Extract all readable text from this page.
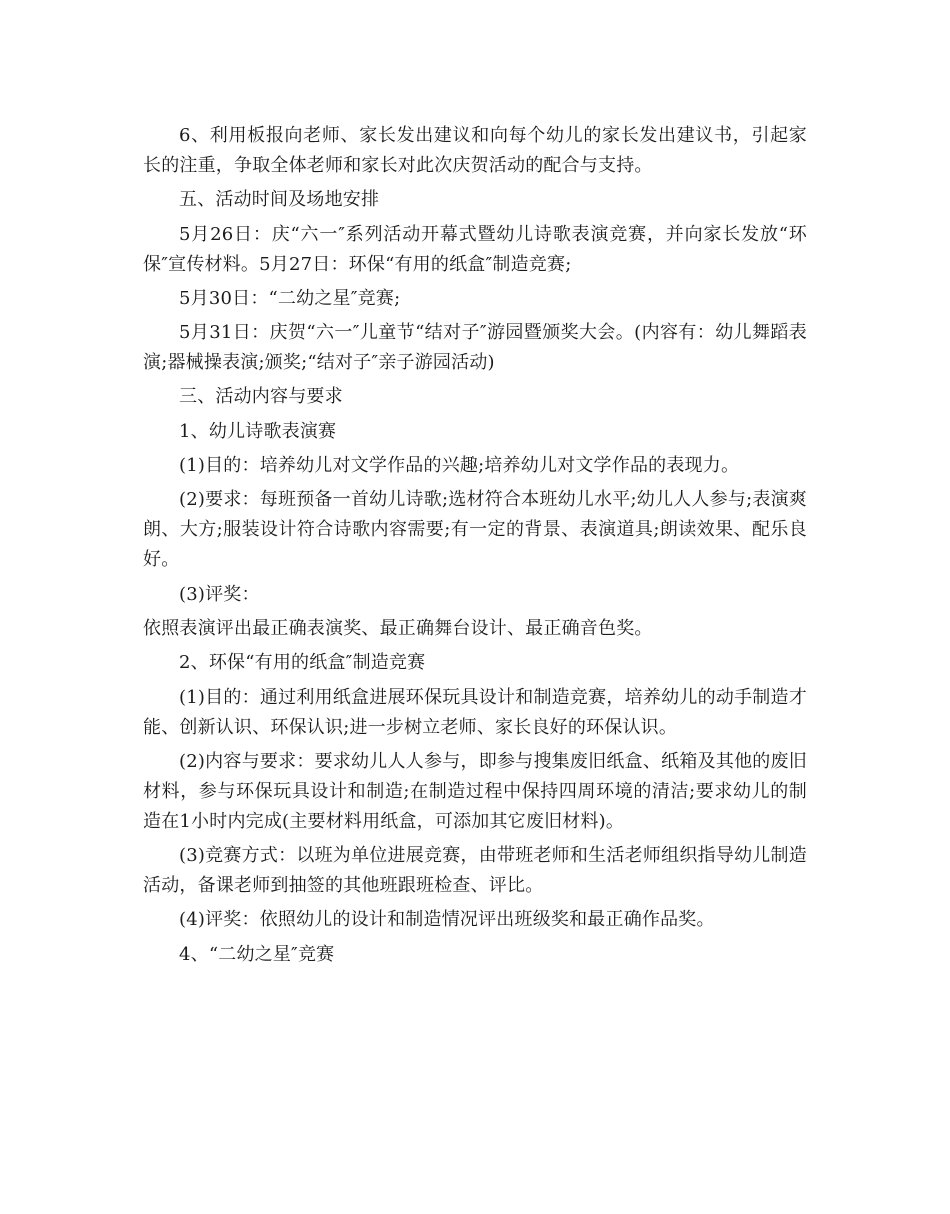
6、利用板报向老师、家长发出建议和向每个幼儿的家长发出建议书，引起家长的注重，争取全体老师和家长对此次庆贺活动的配合与支持。

五、活动时间及场地安排

5月26日：庆“六一″系列活动开幕式暨幼儿诗歌表演竞赛，并向家长发放“环保″宣传材料。5月27日：环保“有用的纸盒″制造竞赛;

5月30日：“二幼之星″竞赛;

5月31日：庆贺“六一″儿童节“结对子″游园暨颁奖大会。(内容有：幼儿舞蹈表演;器械操表演;颁奖;“结对子″亲子游园活动)

三、活动内容与要求

1、幼儿诗歌表演赛

(1)目的：培养幼儿对文学作品的兴趣;培养幼儿对文学作品的表现力。

(2)要求：每班预备一首幼儿诗歌;选材符合本班幼儿水平;幼儿人人参与;表演爽朗、大方;服装设计符合诗歌内容需要;有一定的背景、表演道具;朗读效果、配乐良好。

(3)评奖：

依照表演评出最正确表演奖、最正确舞台设计、最正确音色奖。

2、环保“有用的纸盒″制造竞赛

(1)目的：通过利用纸盒进展环保玩具设计和制造竞赛，培养幼儿的动手制造才能、创新认识、环保认识;进一步树立老师、家长良好的环保认识。

(2)内容与要求：要求幼儿人人参与，即参与搜集废旧纸盒、纸箱及其他的废旧材料，参与环保玩具设计和制造;在制造过程中保持四周环境的清洁;要求幼儿的制造在1小时内完成(主要材料用纸盒，可添加其它废旧材料)。

(3)竞赛方式：以班为单位进展竞赛，由带班老师和生活老师组织指导幼儿制造活动，备课老师到抽签的其他班跟班检查、评比。

(4)评奖：依照幼儿的设计和制造情况评出班级奖和最正确作品奖。

4、“二幼之星″竞赛
